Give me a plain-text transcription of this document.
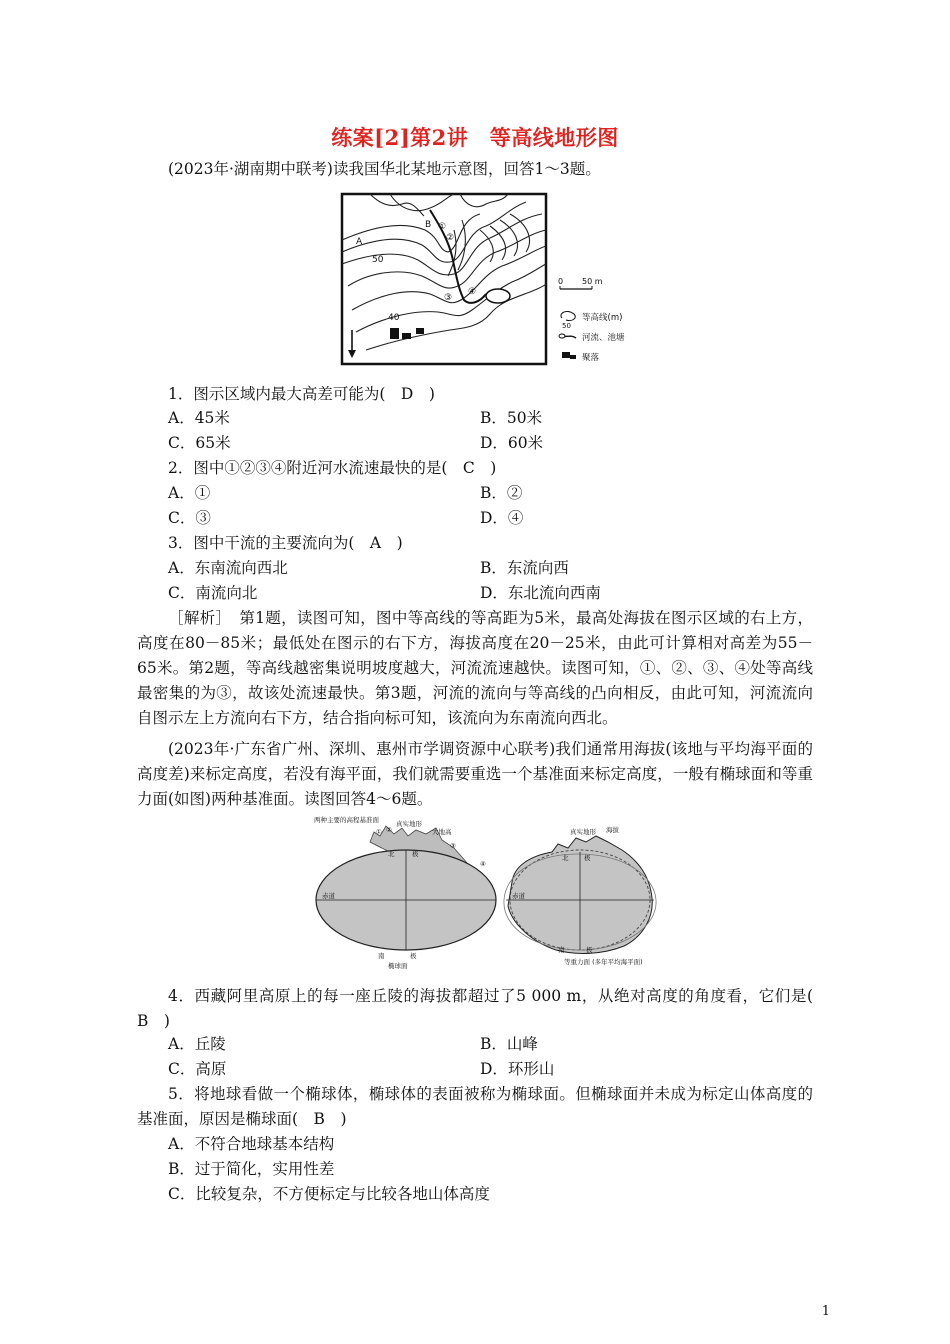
练案[2]第2讲　等高线地形图
(2023年·湖南期中联考)读我国华北某地示意图，回答1～3题。
A
B ①
②
③
④
50
40
0 50 m
50
等高线(m)
河流、池塘
聚落
1．图示区域内最大高差可能为(　D　)
A．45米	B．50米
C．65米	D．60米
2．图中①②③④附近河水流速最快的是(　C　)
A．①	B．②
C．③	D．④
3．图中干流的主要流向为(　A　)
A．东南流向西北	B．东流向西
C．南流向北	D．东北流向西南
［解析］　第1题，读图可知，图中等高线的等高距为5米，最高处海拔在图示区域的右上方，高度在80－85米；最低处在图示的右下方，海拔高度在20－25米，由此可计算相对高差为55－65米。第2题，等高线越密集说明坡度越大，河流流速越快。读图可知，①、②、③、④处等高线最密集的为③，故该处流速最快。第3题，河流的流向与等高线的凸向相反，由此可知，河流流向自图示左上方流向右下方，结合指向标可知，该流向为东南流向西北。
(2023年·广东省广州、深圳、惠州市学调资源中心联考)我们通常用海拔(该地与平均海平面的高度差)来标定高度，若没有海平面，我们就需要重选一个基准面来标定高度，一般有椭球面和等重力面(如图)两种基准面。读图回答4～6题。
两种主要的高程基准面
① ②
③
④
真实地形
大地高
北	极
赤道
南	极
椭球面
真实地形 海拔
北 极
赤道
南	极
等重力面 (多年平均海平面)
4．西藏阿里高原上的每一座丘陵的海拔都超过了5 000 m，从绝对高度的角度看，它们是(　B　)
A．丘陵	B．山峰
C．高原	D．环形山
5．将地球看做一个椭球体，椭球体的表面被称为椭球面。但椭球面并未成为标定山体高度的基准面，原因是椭球面(　B　)
A．不符合地球基本结构
B．过于简化，实用性差
C．比较复杂，不方便标定与比较各地山体高度
1
